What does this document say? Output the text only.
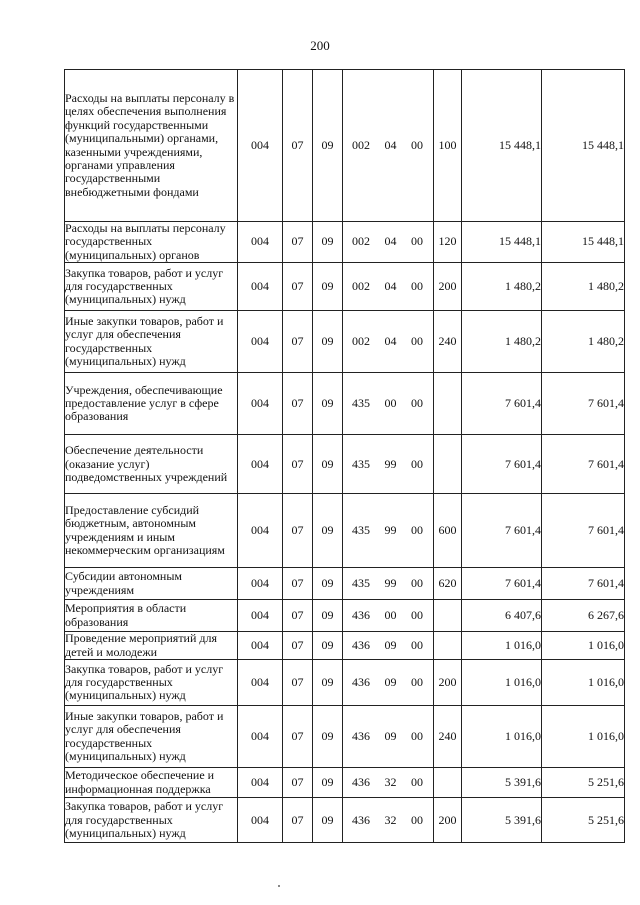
200
Расходы на выплаты персоналу в целях обеспечения выполнения функций государственными (муниципальными) органами, казенными учреждениями, органами управления государственными внебюджетными фондами	004	07	09	002 04 00	100	15 448,1	15 448,1
Расходы на выплаты персоналу государственных (муниципальных) органов	004	07	09	002 04 00	120	15 448,1	15 448,1
Закупка товаров, работ и услуг для государственных (муниципальных) нужд	004	07	09	002 04 00	200	1 480,2	1 480,2
Иные закупки товаров, работ и услуг для обеспечения государственных (муниципальных) нужд	004	07	09	002 04 00	240	1 480,2	1 480,2
Учреждения, обеспечивающие предоставление услуг в сфере образования	004	07	09	435 00 00		7 601,4	7 601,4
Обеспечение деятельности (оказание услуг) подведомственных учреждений	004	07	09	435 99 00		7 601,4	7 601,4
Предоставление субсидий бюджетным, автономным учреждениям и иным некоммерческим организациям	004	07	09	435 99 00	600	7 601,4	7 601,4
Субсидии автономным учреждениям	004	07	09	435 99 00	620	7 601,4	7 601,4
Мероприятия в области образования	004	07	09	436 00 00		6 407,6	6 267,6
Проведение мероприятий для детей и молодежи	004	07	09	436 09 00		1 016,0	1 016,0
Закупка товаров, работ и услуг для государственных (муниципальных) нужд	004	07	09	436 09 00	200	1 016,0	1 016,0
Иные закупки товаров, работ и услуг для обеспечения государственных (муниципальных) нужд	004	07	09	436 09 00	240	1 016,0	1 016,0
Методическое обеспечение и информационная поддержка	004	07	09	436 32 00		5 391,6	5 251,6
Закупка товаров, работ и услуг для государственных (муниципальных) нужд	004	07	09	436 32 00	200	5 391,6	5 251,6
